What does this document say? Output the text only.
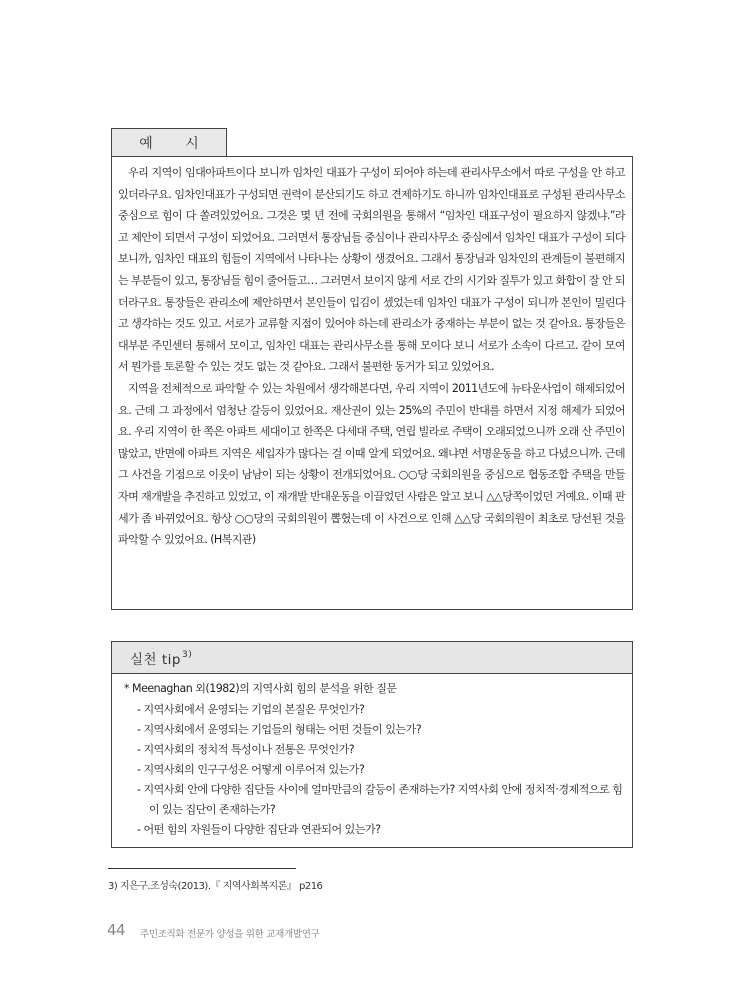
예 시

우리 지역이 임대아파트이다 보니까 임차인 대표가 구성이 되어야 하는데 관리사무소에서 따로 구성을 안 하고 있더라구요. 임차인대표가 구성되면 권력이 분산되기도 하고 견제하기도 하니까 임차인대표로 구성된 관리사무소 중심으로 힘이 다 쏠려있었어요. 그것은 몇 년 전에 국회의원을 통해서 “임차인 대표구성이 필요하지 않겠냐.”라고 제안이 되면서 구성이 되었어요. 그러면서 통장님들 중심이나 관리사무소 중심에서 임차인 대표가 구성이 되다보니까, 임차인 대표의 힘들이 지역에서 나타나는 상황이 생겼어요. 그래서 통장님과 임차인의 관계들이 불편해지는 부분들이 있고, 통장님들 힘이 줄어들고… 그러면서 보이지 않게 서로 간의 시기와 질투가 있고 화합이 잘 안 되더라구요. 통장들은 관리소에 제안하면서 본인들이 입김이 셌었는데 임차인 대표가 구성이 되니까 본인이 밀린다고 생각하는 것도 있고. 서로가 교류할 지점이 있어야 하는데 관리소가 중재하는 부분이 없는 것 같아요. 통장들은 대부분 주민센터 통해서 모이고, 임차인 대표는 관리사무소를 통해 모이다 보니 서로가 소속이 다르고. 같이 모여서 뭔가를 토론할 수 있는 것도 없는 것 같아요. 그래서 불편한 동거가 되고 있었어요.

지역을 전체적으로 파악할 수 있는 차원에서 생각해본다면, 우리 지역이 2011년도에 뉴타운사업이 해제되었어요. 근데 그 과정에서 엄청난 갈등이 있었어요. 재산권이 있는 25%의 주민이 반대를 하면서 지정 해제가 되었어요. 우리 지역이 한 쪽은 아파트 세대이고 한쪽은 다세대 주택, 연립 빌라로 주택이 오래되었으니까 오래 산 주민이 많았고, 반면에 아파트 지역은 세입자가 많다는 걸 이때 알게 되었어요. 왜냐면 서명운동을 하고 다녔으니까. 근데 그 사건을 기점으로 이웃이 남남이 되는 상황이 전개되었어요. ○○당 국회의원을 중심으로 협동조합 주택을 만들자며 재개발을 추진하고 있었고, 이 재개발 반대운동을 이끌었던 사람은 알고 보니 △△당쪽이었던 거예요. 이때 판세가 좀 바뀌었어요. 항상 ○○당의 국회의원이 뽑혔는데 이 사건으로 인해 △△당 국회의원이 최초로 당선된 것을 파악할 수 있었어요. (H복지관)

실천 tip$^{3)}$

* Meenaghan 외(1982)의 지역사회 힘의 분석을 위한 질문

- 지역사회에서 운영되는 기업의 본질은 무엇인가?
- 지역사회에서 운영되는 기업들의 형태는 어떤 것들이 있는가?
- 지역사회의 정치적 특성이나 전통은 무엇인가?
- 지역사회의 인구구성은 어떻게 이루어져 있는가?
- 지역사회 안에 다양한 집단들 사이에 얼마만큼의 갈등이 존재하는가? 지역사회 안에 정치적·경제적으로 힘이 있는 집단이 존재하는가?
- 어떤 힘의 자원들이 다양한 집단과 연관되어 있는가?
3) 지은구.조성숙(2013).『 지역사회복지론』 p216
44 주민조직화 전문가 양성을 위한 교재개발연구
